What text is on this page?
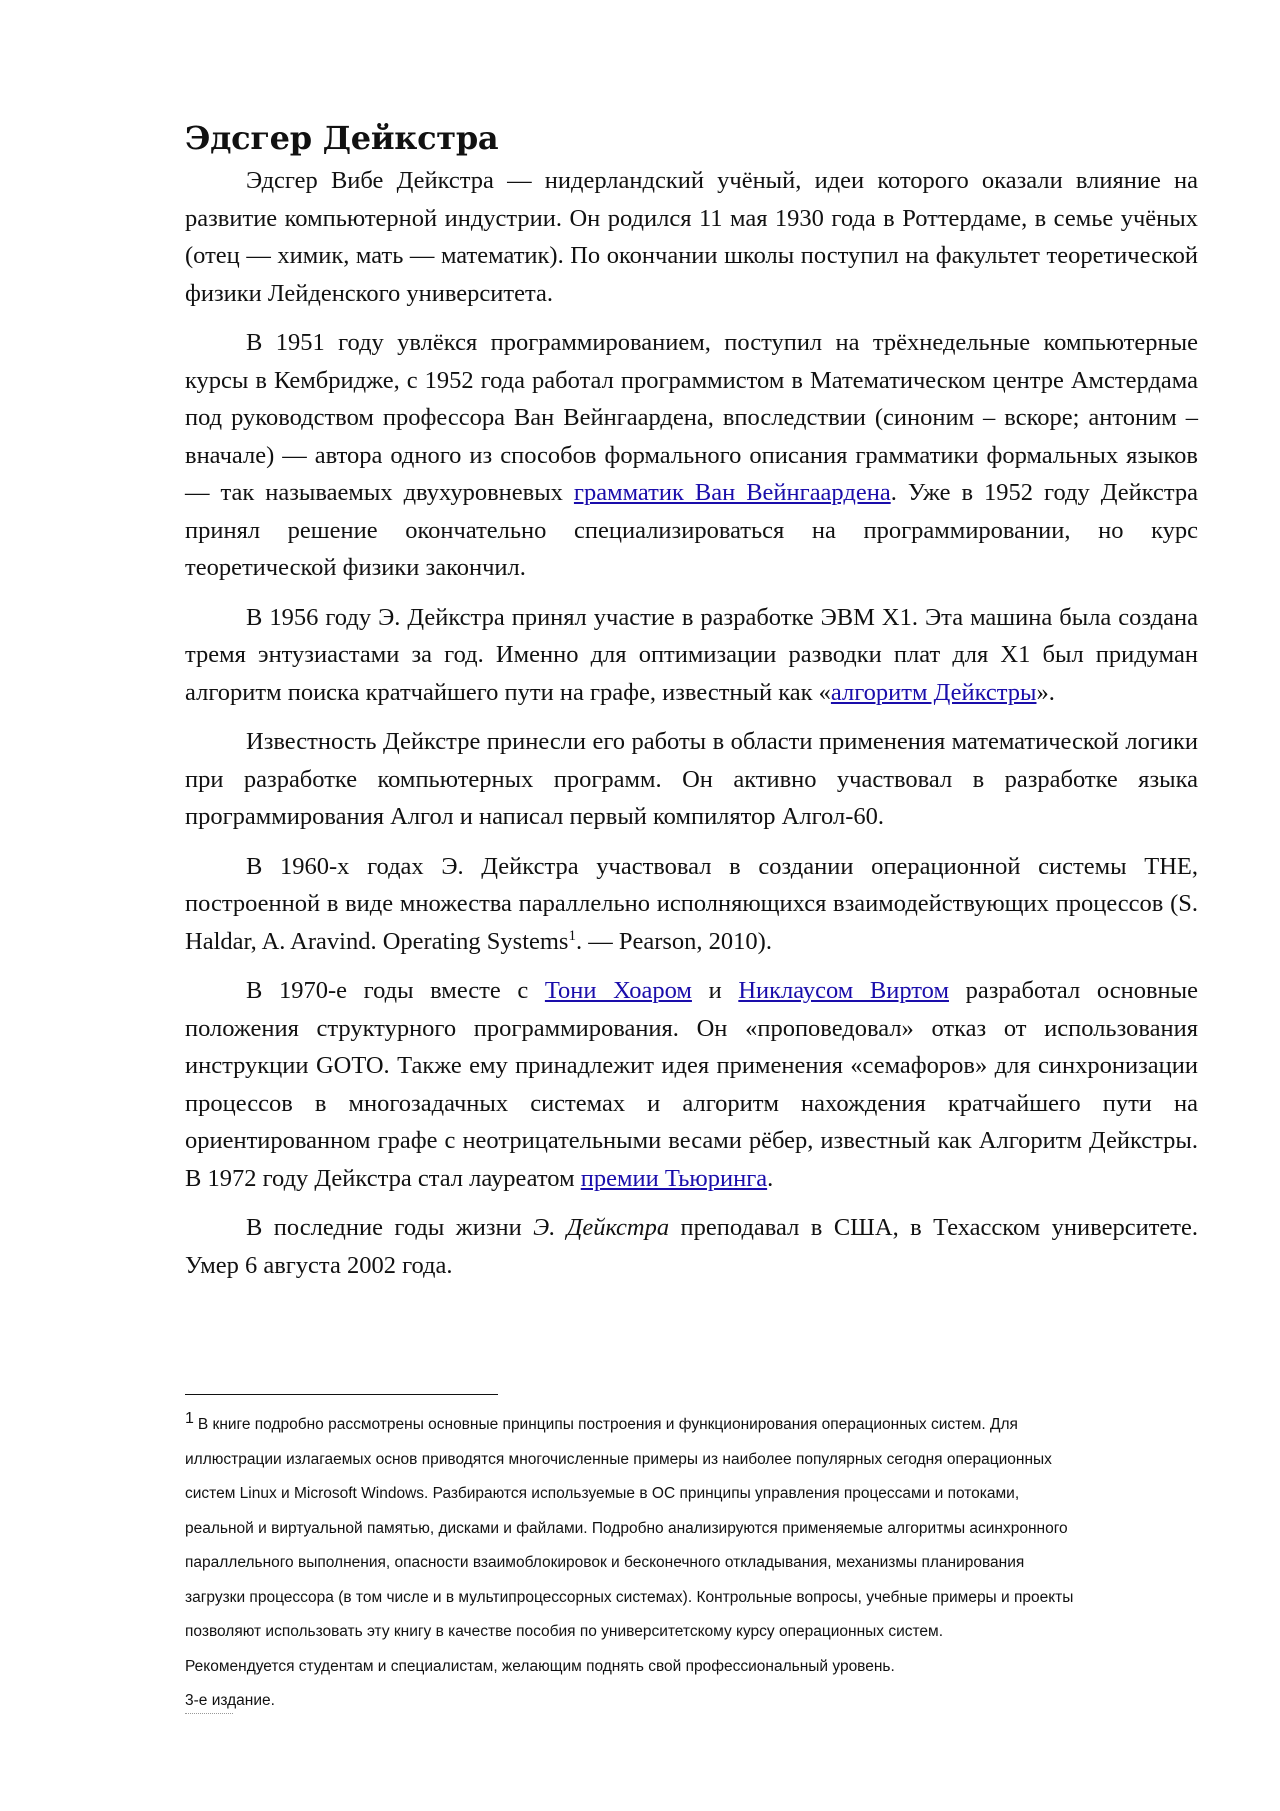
Эдсгер Дейкстра

Эдсгер Вибе Дейкстра — нидерландский учёный, идеи которого оказали влияние на развитие компьютерной индустрии. Он родился 11 мая 1930 года в Роттердаме, в семье учёных (отец — химик, мать — математик). По окончании школы поступил на факультет теоретической физики Лейденского университета.

В 1951 году увлёкся программированием, поступил на трёхнедельные компьютерные курсы в Кембридже, с 1952 года работал программистом в Математическом центре Амстердама под руководством профессора Ван Вейнгаардена, впоследствии (синоним – вскоре; антоним – вначале) — автора одного из способов формального описания грамматики формальных языков — так называемых двухуровневых грамматик Ван Вейнгаардена. Уже в 1952 году Дейкстра принял решение окончательно специализироваться на программировании, но курс теоретической физики закончил.

В 1956 году Э. Дейкстра принял участие в разработке ЭВМ X1. Эта машина была создана тремя энтузиастами за год. Именно для оптимизации разводки плат для X1 был придуман алгоритм поиска кратчайшего пути на графе, известный как «алгоритм Дейкстры».

Известность Дейкстре принесли его работы в области применения математической логики при разработке компьютерных программ. Он активно участвовал в разработке языка программирования Алгол и написал первый компилятор Алгол-60.

В 1960-х годах Э. Дейкстра участвовал в создании операционной системы THE, построенной в виде множества параллельно исполняющихся взаимодействующих процессов (S. Haldar, A. Aravind. Operating Systems$^1$. — Pearson, 2010).

В 1970-е годы вместе с Тони Хоаром и Никлаусом Виртом разработал основные положения структурного программирования. Он «проповедовал» отказ от использования инструкции GOTO. Также ему принадлежит идея применения «семафоров» для синхронизации процессов в многозадачных системах и алгоритм нахождения кратчайшего пути на ориентированном графе с неотрицательными весами рёбер, известный как Алгоритм Дейкстры. В 1972 году Дейкстра стал лауреатом премии Тьюринга.

В последние годы жизни Э. Дейкстра преподавал в США, в Техасском университете. Умер 6 августа 2002 года.

1 В книге подробно рассмотрены основные принципы построения и функционирования операционных систем. Для
иллюстрации излагаемых основ приводятся многочисленные примеры из наиболее популярных сегодня операционных
систем Linux и Microsoft Windows. Разбираются используемые в ОС принципы управления процессами и потоками,
реальной и виртуальной памятью, дисками и файлами. Подробно анализируются применяемые алгоритмы асинхронного
параллельного выполнения, опасности взаимоблокировок и бесконечного откладывания, механизмы планирования
загрузки процессора (в том числе и в мультипроцессорных системах). Контрольные вопросы, учебные примеры и проекты
позволяют использовать эту книгу в качестве пособия по университетскому курсу операционных систем.
Рекомендуется студентам и специалистам, желающим поднять свой профессиональный уровень.
3-е издание.
